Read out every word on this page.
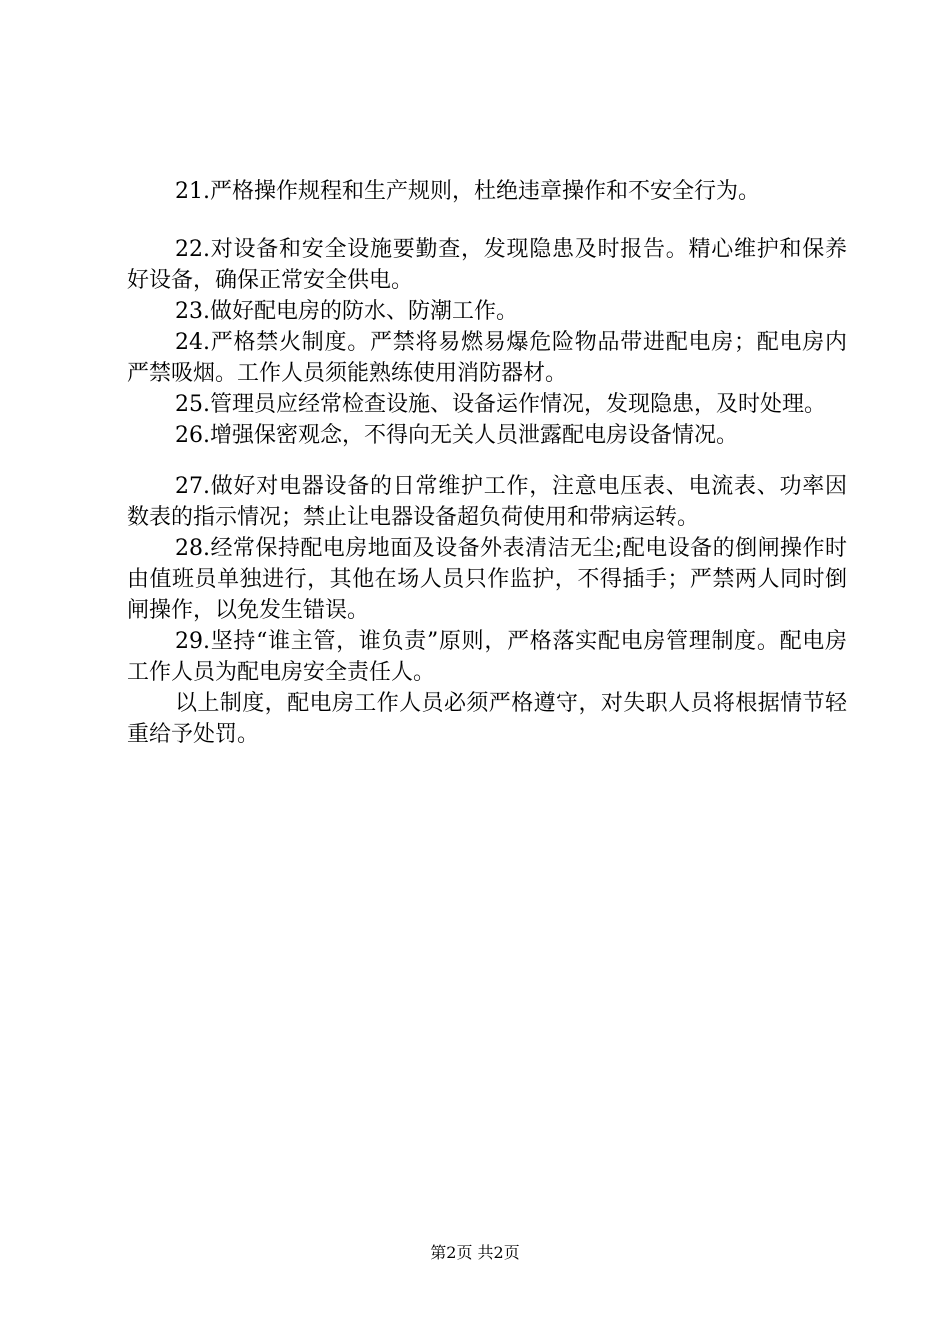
21.严格操作规程和生产规则，杜绝违章操作和不安全行为。

22.对设备和安全设施要勤查，发现隐患及时报告。精心维护和保养好设备，确保正常安全供电。

23.做好配电房的防水、防潮工作。

24.严格禁火制度。严禁将易燃易爆危险物品带进配电房；配电房内严禁吸烟。工作人员须能熟练使用消防器材。

25.管理员应经常检查设施、设备运作情况，发现隐患，及时处理。

26.增强保密观念，不得向无关人员泄露配电房设备情况。

27.做好对电器设备的日常维护工作，注意电压表、电流表、功率因数表的指示情况；禁止让电器设备超负荷使用和带病运转。

28.经常保持配电房地面及设备外表清洁无尘;配电设备的倒闸操作时由值班员单独进行，其他在场人员只作监护，不得插手；严禁两人同时倒闸操作，以免发生错误。

29.坚持“谁主管，谁负责”原则，严格落实配电房管理制度。配电房工作人员为配电房安全责任人。

以上制度，配电房工作人员必须严格遵守，对失职人员将根据情节轻重给予处罚。

第2页 共2页
